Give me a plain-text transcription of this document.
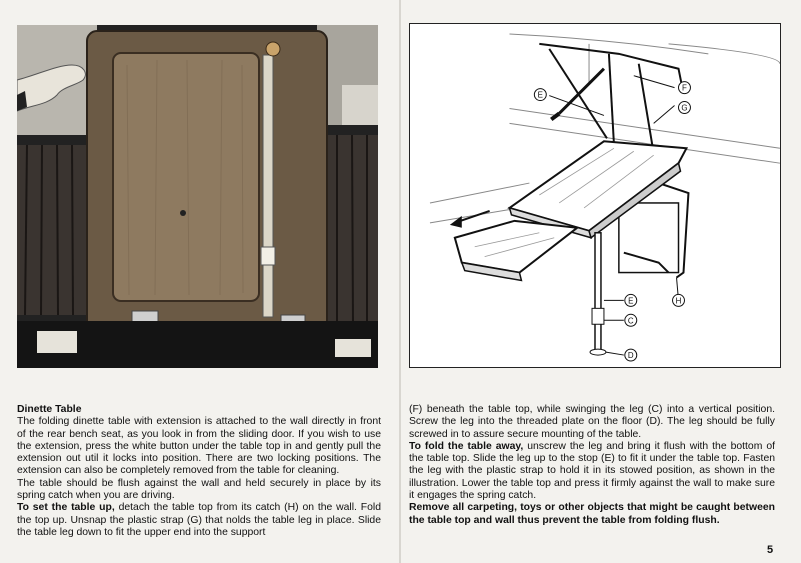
E
F
G
H
E
C
D

Dinette Table

The folding dinette table with extension is attached to the wall directly in front of the rear bench seat, as you look in from the sliding door. If you wish to use the extension, press the white button under the table top in and gently pull the extension out util it locks into position. There are two locking positions. The extension can also be completely removed from the table for cleaning.

The table should be flush against the wall and held securely in place by its spring catch when you are driving.

To set the table up, detach the table top from its catch (H) on the wall. Fold the top up. Unsnap the plastic strap (G) that nolds the table leg in place. Slide the table leg down to fit the upper end into the support

(F) beneath the table top, while swinging the leg (C) into a vertical position. Screw the leg into the threaded plate on the floor (D). The leg should be fully screwed in to assure secure mounting of the table.

To fold the table away, unscrew the leg and bring it flush with the bottom of the table top. Slide the leg up to the stop (E) to fit it under the table top. Fasten the leg with the plastic strap to hold it in its stowed position, as shown in the illustration. Lower the table top and press it firmly against the wall to make sure it engages the spring catch.

Remove all carpeting, toys or other objects that might be caught between the table top and wall thus prevent the table from folding flush.

5
